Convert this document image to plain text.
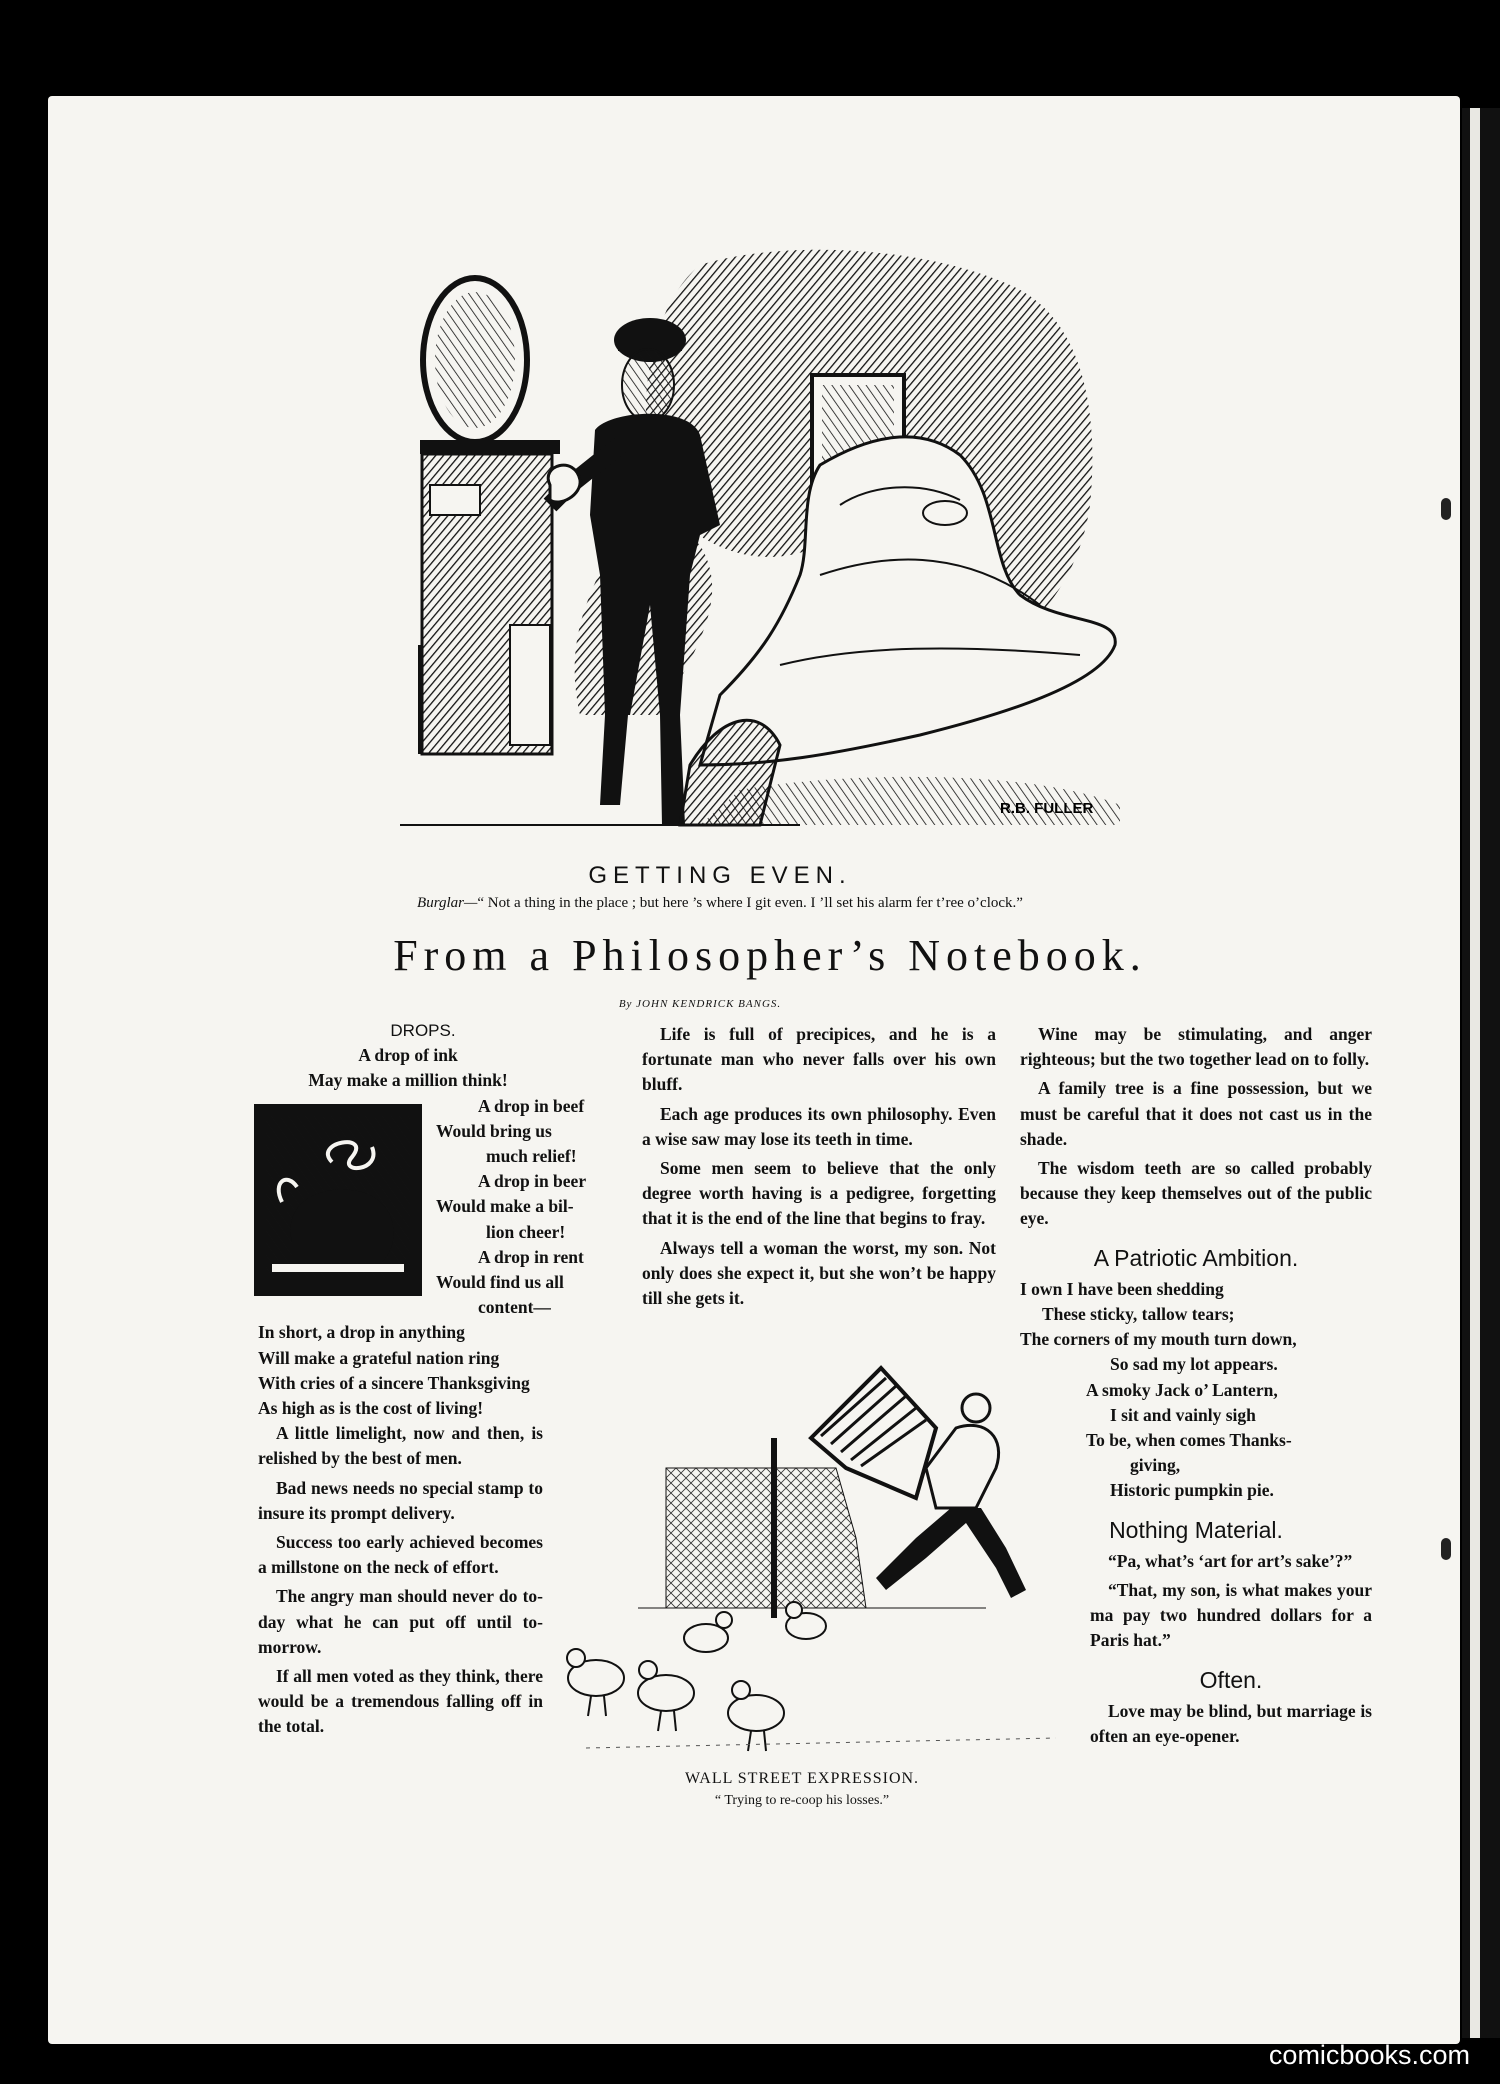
R.B. FULLER
GETTING EVEN.
Burglar—“ Not a thing in the place ; but here ’s where I git even. I ’ll set his alarm fer t’ree o’clock.”
From a Philosopher’s Notebook.
By JOHN KENDRICK BANGS.
DROPS.
A drop of ink
May make a million think!
A drop in beef
Would bring us
much relief!
A drop in beer
Would make a bil-
lion cheer!
A drop in rent
Would find us all
content—
In short, a drop in anything
Will make a grateful nation ring
With cries of a sincere Thanksgiving
As high as is the cost of living!

A little limelight, now and then, is relished by the best of men.

Bad news needs no special stamp to insure its prompt delivery.

Success too early achieved becomes a millstone on the neck of effort.

The angry man should never do to-day what he can put off until to-morrow.

If all men voted as they think, there would be a tremendous falling off in the total.

Life is full of precipices, and he is a fortunate man who never falls over his own bluff.

Each age produces its own philosophy. Even a wise saw may lose its teeth in time.

Some men seem to believe that the only degree worth having is a pedigree, forgetting that it is the end of the line that begins to fray.

Always tell a woman the worst, my son. Not only does she expect it, but she won’t be happy till she gets it.

WALL STREET EXPRESSION.
“ Trying to re-coop his losses.”

Wine may be stimulating, and anger righteous; but the two together lead on to folly.

A family tree is a fine possession, but we must be careful that it does not cast us in the shade.

The wisdom teeth are so called probably because they keep themselves out of the public eye.

A Patriotic Ambition.
I own I have been shedding
These sticky, tallow tears;
The corners of my mouth turn down,
So sad my lot appears.
A smoky Jack o’ Lantern,
I sit and vainly sigh
To be, when comes Thanks-
giving,
Historic pumpkin pie.
Nothing Material.

“Pa, what’s ‘art for art’s sake’?”

“That, my son, is what makes your ma pay two hundred dollars for a Paris hat.”

Often.

Love may be blind, but marriage is often an eye-opener.

comicbooks.com
